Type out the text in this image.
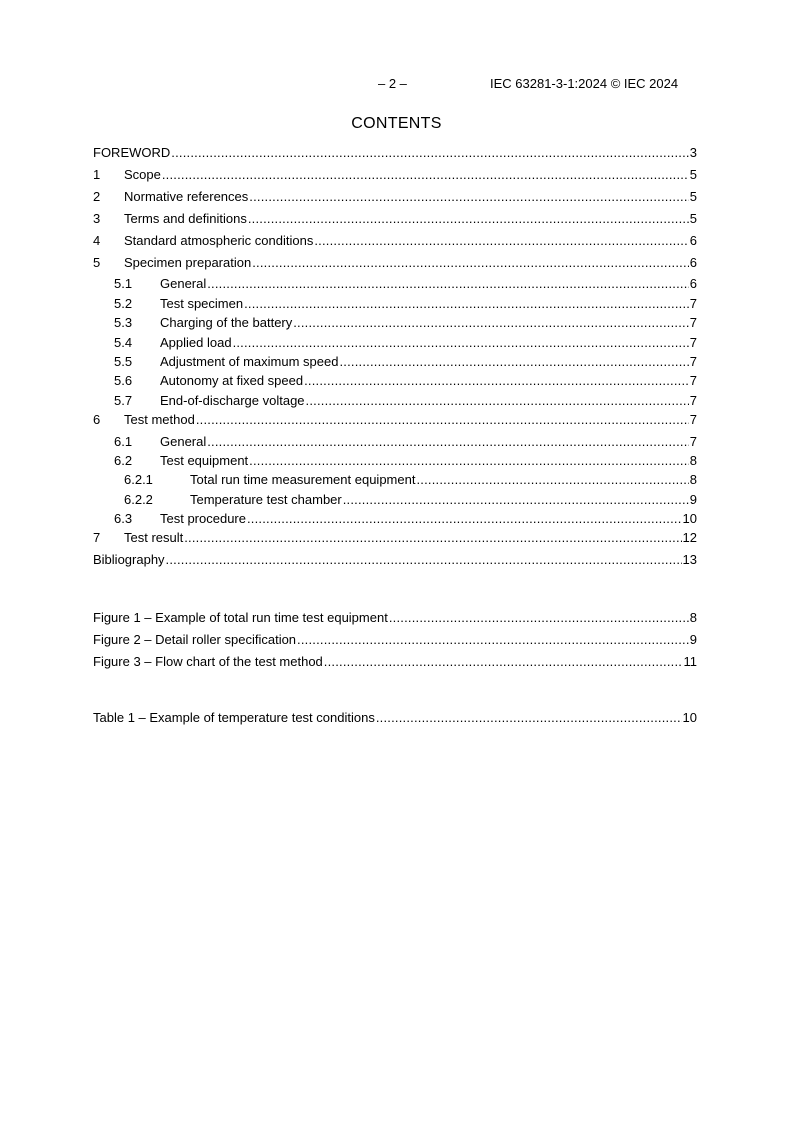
– 2 –	IEC 63281-3-1:2024 © IEC 2024
CONTENTS
FOREWORD .....	3
1 Scope .....	5
2 Normative references .....	5
3 Terms and definitions .....	5
4 Standard atmospheric conditions .....	6
5 Specimen preparation .....	6
5.1 General .....	6
5.2 Test specimen .....	7
5.3 Charging of the battery .....	7
5.4 Applied load .....	7
5.5 Adjustment of maximum speed .....	7
5.6 Autonomy at fixed speed .....	7
5.7 End-of-discharge voltage .....	7
6 Test method .....	7
6.1 General .....	7
6.2 Test equipment .....	8
6.2.1	Total run time measurement equipment .....	8
6.2.2	Temperature test chamber .....	9
6.3 Test procedure .....	10
7 Test result .....	12
Bibliography .....	13
Figure 1 – Example of total run time test equipment .....	8
Figure 2 – Detail roller specification .....	9
Figure 3 – Flow chart of the test method .....	11
Table 1 – Example of temperature test conditions .....	10
